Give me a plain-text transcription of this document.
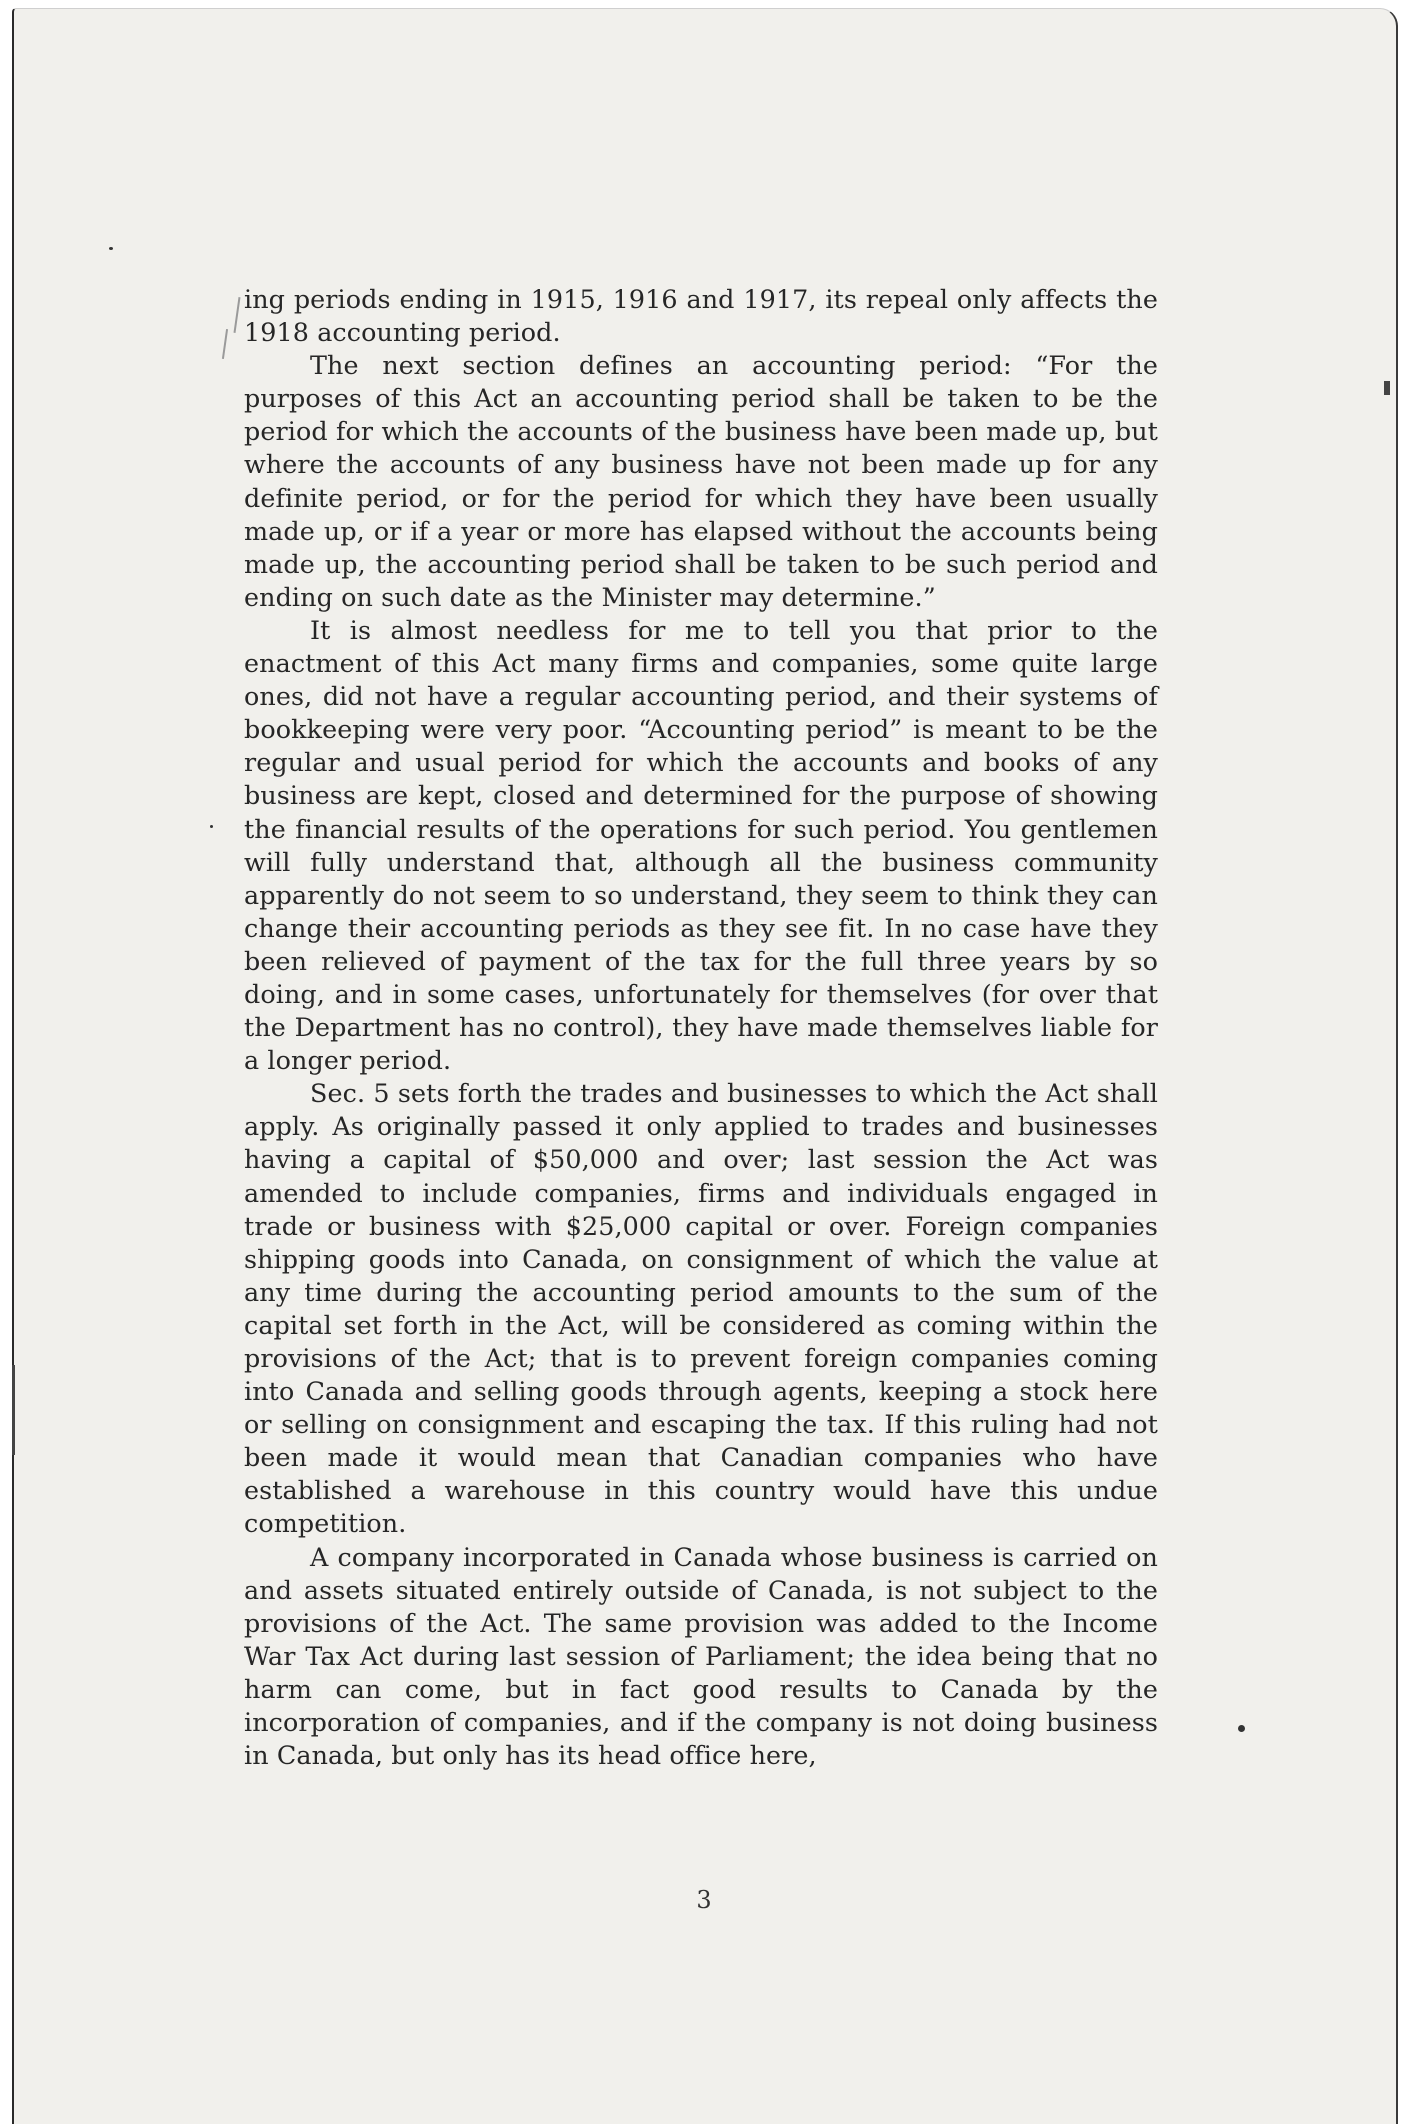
ing periods ending in 1915, 1916 and 1917, its repeal only affects the 1918 accounting period.

The next section defines an accounting period: “For the purposes of this Act an accounting period shall be taken to be the period for which the accounts of the business have been made up, but where the accounts of any business have not been made up for any definite period, or for the period for which they have been usually made up, or if a year or more has elapsed without the accounts being made up, the accounting period shall be taken to be such period and ending on such date as the Minister may determine.”

It is almost needless for me to tell you that prior to the enactment of this Act many firms and companies, some quite large ones, did not have a regular accounting period, and their systems of bookkeeping were very poor. “Accounting period” is meant to be the regular and usual period for which the accounts and books of any business are kept, closed and determined for the purpose of showing the financial results of the operations for such period. You gentlemen will fully understand that, although all the business community apparently do not seem to so understand, they seem to think they can change their accounting periods as they see fit. In no case have they been relieved of payment of the tax for the full three years by so doing, and in some cases, unfortunately for themselves (for over that the Department has no control), they have made themselves liable for a longer period.

Sec. 5 sets forth the trades and businesses to which the Act shall apply. As originally passed it only applied to trades and businesses having a capital of $50,000 and over; last session the Act was amended to include companies, firms and individuals engaged in trade or business with $25,000 capital or over. Foreign companies shipping goods into Canada, on consignment of which the value at any time during the accounting period amounts to the sum of the capital set forth in the Act, will be considered as coming within the provisions of the Act; that is to prevent foreign companies coming into Canada and selling goods through agents, keeping a stock here or selling on consignment and escaping the tax. If this ruling had not been made it would mean that Canadian companies who have established a warehouse in this country would have this undue competition.

A company incorporated in Canada whose business is carried on and assets situated entirely outside of Canada, is not subject to the provisions of the Act. The same provision was added to the Income War Tax Act during last session of Parliament; the idea being that no harm can come, but in fact good results to Canada by the incorporation of companies, and if the company is not doing business in Canada, but only has its head office here,

3
